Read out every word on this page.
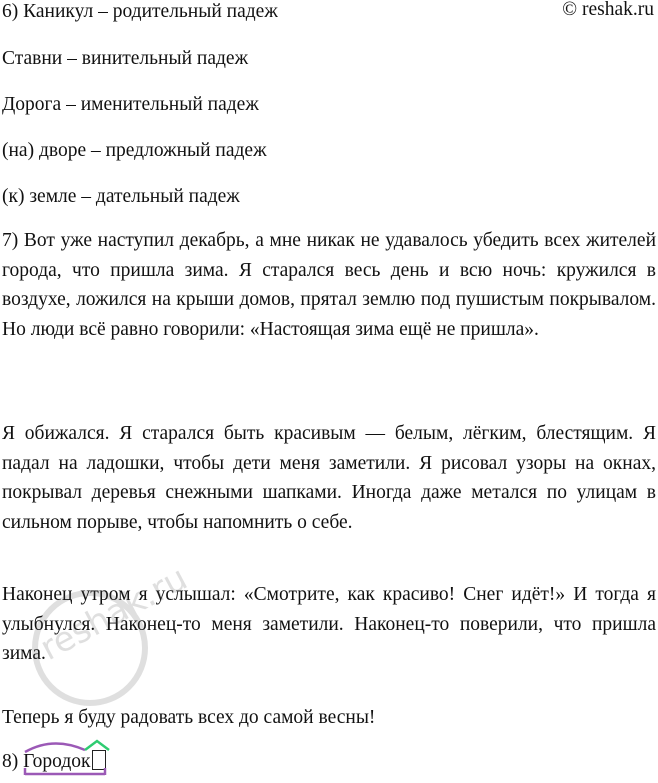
© reshak.ru
6) Каникул – родительный падеж
Ставни – винительный падеж
Дорога – именительный падеж
(на) дворе – предложный падеж
(к) земле – дательный падеж
7) Вот уже наступил декабрь, а мне никак не удавалось убедить всех жителей города, что пришла зима. Я старался весь день и всю ночь: кружился в воздухе, ложился на крыши домов, прятал землю под пушистым покрывалом. Но люди всё равно говорили: «Настоящая зима ещё не пришла».
Я обижался. Я старался быть красивым — белым, лёгким, блестящим. Я падал на ладошки, чтобы дети меня заметили. Я рисовал узоры на окнах, покрывал деревья снежными шапками. Иногда даже метался по улицам в сильном порыве, чтобы напомнить о себе.
Наконец утром я услышал: «Смотрите, как красиво! Снег идёт!» И тогда я улыбнулся. Наконец-то меня заметили. Наконец-то поверили, что пришла зима.
Теперь я буду радовать всех до самой весны!
reshak.ru
8) Городок
